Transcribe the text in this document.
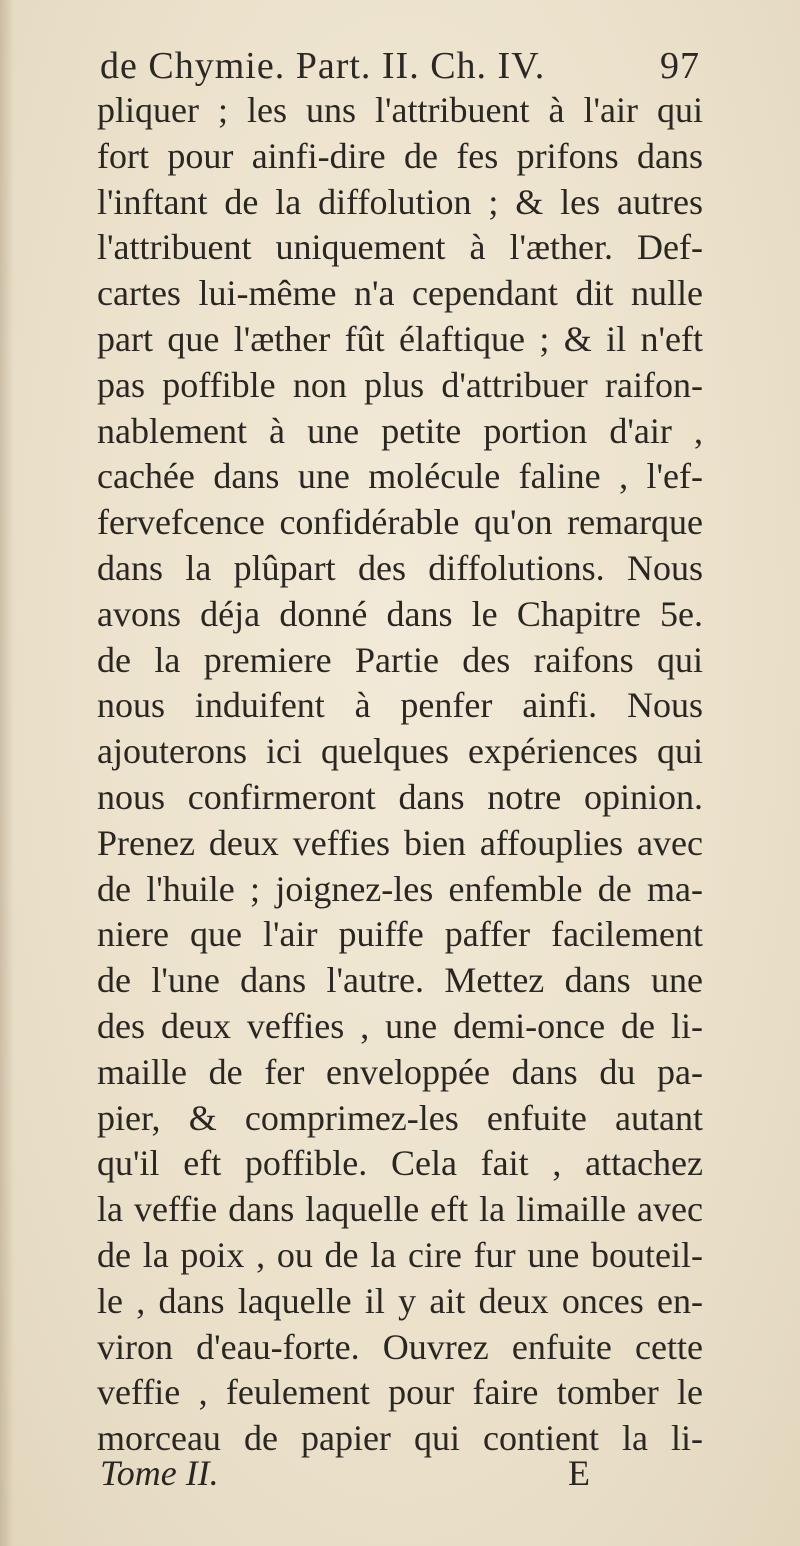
de Chymie. Part. II. Ch. IV.	97
pliquer ; les uns l'attribuent à l'air qui
fort pour ainfi-dire de fes prifons dans
l'inftant de la diffolution ; & les autres
l'attribuent uniquement à l'æther. Def-
cartes lui-même n'a cependant dit nulle
part que l'æther fût élaftique ; & il n'eft
pas poffible non plus d'attribuer raifon-
nablement à une petite portion d'air ,
cachée dans une molécule faline , l'ef-
fervefcence confidérable qu'on remarque
dans la plûpart des diffolutions. Nous
avons déja donné dans le Chapitre 5e.
de la premiere Partie des raifons qui
nous induifent à penfer ainfi. Nous
ajouterons ici quelques expériences qui
nous confirmeront dans notre opinion.
Prenez deux veffies bien affouplies avec
de l'huile ; joignez-les enfemble de ma-
niere que l'air puiffe paffer facilement
de l'une dans l'autre. Mettez dans une
des deux veffies , une demi-once de li-
maille de fer enveloppée dans du pa-
pier, & comprimez-les enfuite autant
qu'il eft poffible. Cela fait , attachez
la veffie dans laquelle eft la limaille avec
de la poix , ou de la cire fur une bouteil-
le , dans laquelle il y ait deux onces en-
viron d'eau-forte. Ouvrez enfuite cette
veffie , feulement pour faire tomber le
morceau de papier qui contient la li-
Tome II.	E
